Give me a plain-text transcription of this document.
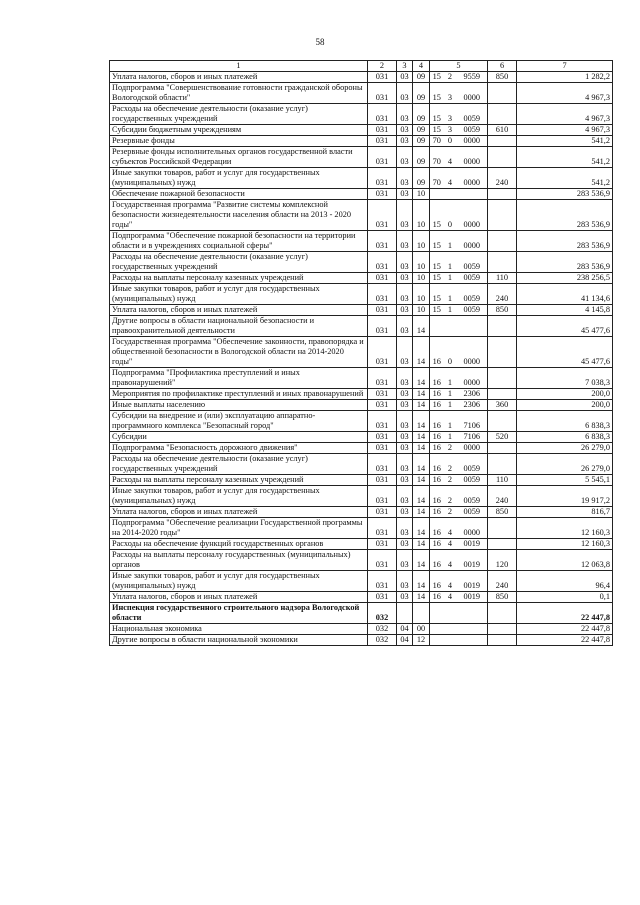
58
1	2	3	4	5			6	7
Уплата налогов, сборов и иных платежей	031	03	09	15	2	9559	850	1 282,2
Подпрограмма "Совершенствование готовности гражданской обороны Вологодской области"	031	03	09	15	3	0000		4 967,3
Расходы на обеспечение деятельности (оказание услуг) государственных учреждений	031	03	09	15	3	0059		4 967,3
Субсидии бюджетным учреждениям	031	03	09	15	3	0059	610	4 967,3
Резервные фонды	031	03	09	70	0	0000		541,2
Резервные фонды исполнительных органов государственной власти субъектов Российской Федерации	031	03	09	70	4	0000		541,2
Иные закупки товаров, работ и услуг для государственных (муниципальных) нужд	031	03	09	70	4	0000	240	541,2
Обеспечение пожарной безопасности	031	03	10					283 536,9
Государственная программа "Развитие системы комплексной безопасности жизнедеятельности населения области на 2013 - 2020 годы"	031	03	10	15	0	0000		283 536,9
Подпрограмма "Обеспечение пожарной безопасности на территории области и в учреждениях социальной сферы"	031	03	10	15	1	0000		283 536,9
Расходы на обеспечение деятельности (оказание услуг) государственных учреждений	031	03	10	15	1	0059		283 536,9
Расходы на выплаты персоналу казенных учреждений	031	03	10	15	1	0059	110	238 256,5
Иные закупки товаров, работ и услуг для государственных (муниципальных) нужд	031	03	10	15	1	0059	240	41 134,6
Уплата налогов, сборов и иных платежей	031	03	10	15	1	0059	850	4 145,8
Другие вопросы в области национальной безопасности и правоохранительной деятельности	031	03	14					45 477,6
Государственная программа "Обеспечение законности, правопорядка и общественной безопасности в Вологодской области на 2014-2020 годы"	031	03	14	16	0	0000		45 477,6
Подпрограмма "Профилактика преступлений и иных правонарушений"	031	03	14	16	1	0000		7 038,3
Мероприятия по профилактике преступлений и иных правонарушений	031	03	14	16	1	2306		200,0
Иные выплаты населению	031	03	14	16	1	2306	360	200,0
Субсидии на внедрение и (или) эксплуатацию аппаратно-программного комплекса "Безопасный город"	031	03	14	16	1	7106		6 838,3
Субсидии	031	03	14	16	1	7106	520	6 838,3
Подпрограмма "Безопасность дорожного движения"	031	03	14	16	2	0000		26 279,0
Расходы на обеспечение деятельности (оказание услуг) государственных учреждений	031	03	14	16	2	0059		26 279,0
Расходы на выплаты персоналу казенных учреждений	031	03	14	16	2	0059	110	5 545,1
Иные закупки товаров, работ и услуг для государственных (муниципальных) нужд	031	03	14	16	2	0059	240	19 917,2
Уплата налогов, сборов и иных платежей	031	03	14	16	2	0059	850	816,7
Подпрограмма "Обеспечение реализации Государственной программы на 2014-2020 годы"	031	03	14	16	4	0000		12 160,3
Расходы на обеспечение функций государственных органов	031	03	14	16	4	0019		12 160,3
Расходы на выплаты персоналу государственных (муниципальных) органов	031	03	14	16	4	0019	120	12 063,8
Иные закупки товаров, работ и услуг для государственных (муниципальных) нужд	031	03	14	16	4	0019	240	96,4
Уплата налогов, сборов и иных платежей	031	03	14	16	4	0019	850	0,1
Инспекция государственного строительного надзора Вологодской области	032							22 447,8
Национальная экономика	032	04	00					22 447,8
Другие вопросы в области национальной экономики	032	04	12					22 447,8
